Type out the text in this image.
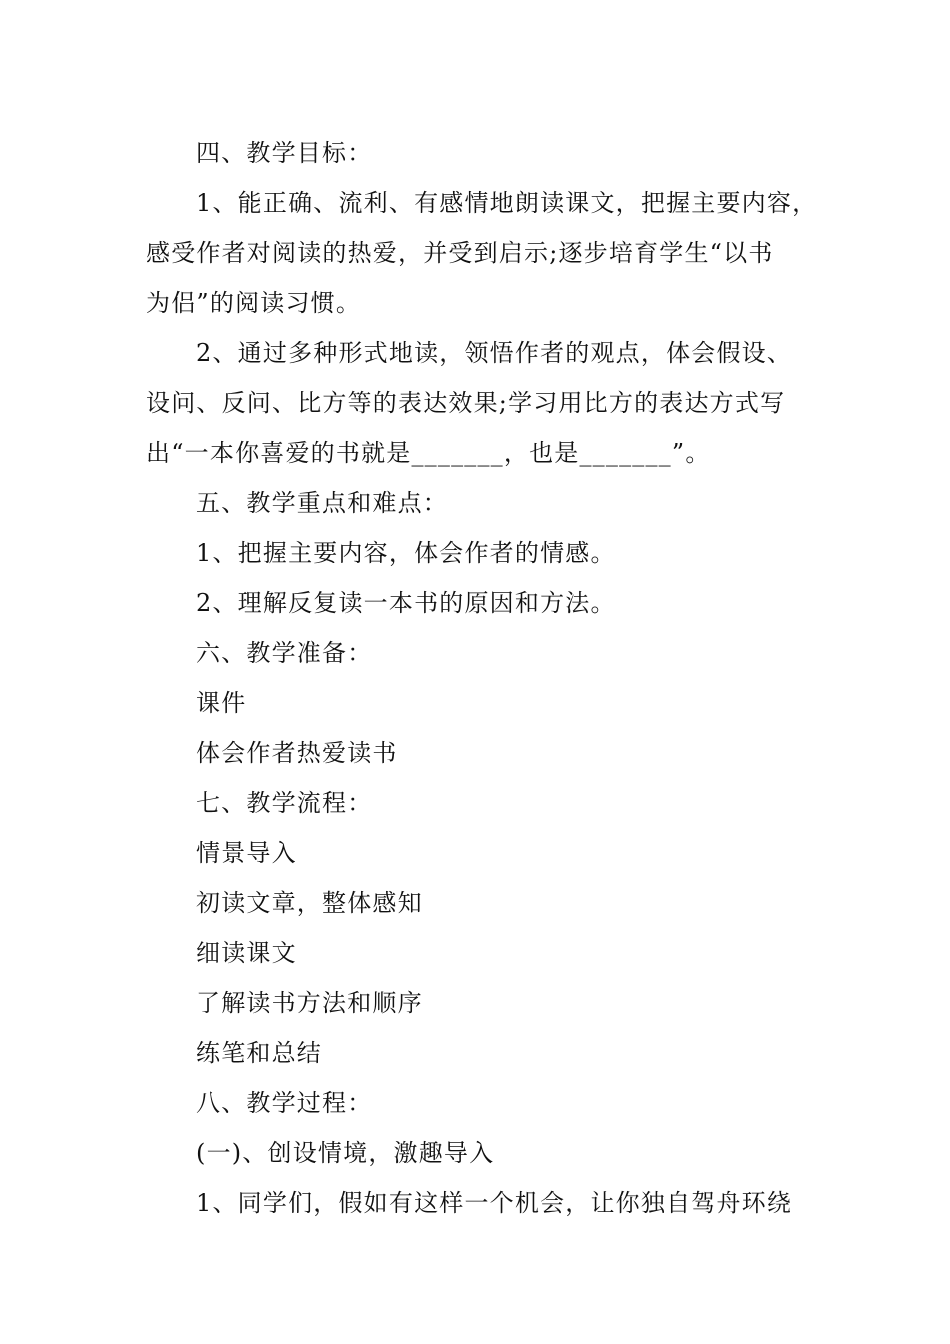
四、教学目标：
1、能正确、流利、有感情地朗读课文，把握主要内容，
感受作者对阅读的热爱，并受到启示;逐步培育学生“以书
为侣”的阅读习惯。
2、通过多种形式地读，领悟作者的观点，体会假设、
设问、反问、比方等的表达效果;学习用比方的表达方式写
出“一本你喜爱的书就是_______，也是_______”。
五、教学重点和难点：
1、把握主要内容，体会作者的情感。
2、理解反复读一本书的原因和方法。
六、教学准备：
课件
体会作者热爱读书
七、教学流程：
情景导入
初读文章，整体感知
细读课文
了解读书方法和顺序
练笔和总结
八、教学过程：
(一)、创设情境，激趣导入
1、同学们，假如有这样一个机会，让你独自驾舟环绕
